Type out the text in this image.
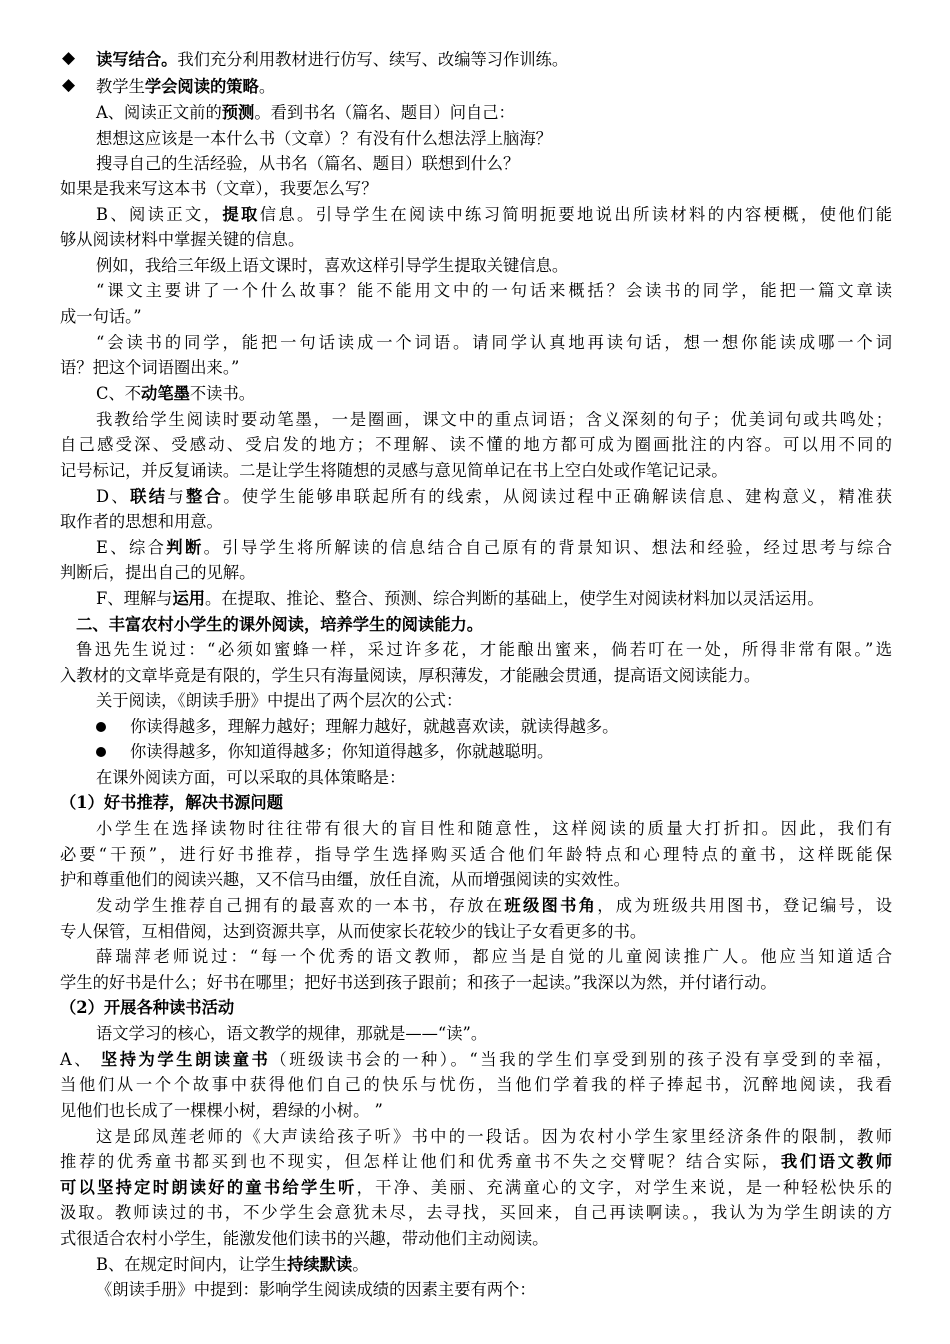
◆ 读写结合。我们充分利用教材进行仿写、续写、改编等习作训练。
◆ 教学生学会阅读的策略。
A、阅读正文前的预测。看到书名（篇名、题目）问自己：
想想这应该是一本什么书（文章）？有没有什么想法浮上脑海？
搜寻自己的生活经验，从书名（篇名、题目）联想到什么？
如果是我来写这本书（文章），我要怎么写？
B、阅读正文，提取信息。引导学生在阅读中练习简明扼要地说出所读材料的内容梗概，使他们能
够从阅读材料中掌握关键的信息。
例如，我给三年级上语文课时，喜欢这样引导学生提取关键信息。
“课文主要讲了一个什么故事？能不能用文中的一句话来概括？会读书的同学，能把一篇文章读
成一句话。”
“会读书的同学，能把一句话读成一个词语。请同学认真地再读句话，想一想你能读成哪一个词
语？把这个词语圈出来。”
C、不动笔墨不读书。
我教给学生阅读时要动笔墨，一是圈画，课文中的重点词语；含义深刻的句子；优美词句或共鸣处；
自己感受深、受感动、受启发的地方；不理解、读不懂的地方都可成为圈画批注的内容。可以用不同的
记号标记，并反复诵读。二是让学生将随想的灵感与意见简单记在书上空白处或作笔记记录。
D、联结与整合。使学生能够串联起所有的线索，从阅读过程中正确解读信息、建构意义，精准获
取作者的思想和用意。
E、综合判断。引导学生将所解读的信息结合自己原有的背景知识、想法和经验，经过思考与综合
判断后，提出自己的见解。
F、理解与运用。在提取、推论、整合、预测、综合判断的基础上，使学生对阅读材料加以灵活运用。
二、丰富农村小学生的课外阅读，培养学生的阅读能力。
鲁迅先生说过：“必须如蜜蜂一样，采过许多花，才能酿出蜜来，倘若叮在一处，所得非常有限。”选
入教材的文章毕竟是有限的，学生只有海量阅读，厚积薄发，才能融会贯通，提高语文阅读能力。
关于阅读，《朗读手册》中提出了两个层次的公式：
你读得越多，理解力越好；理解力越好，就越喜欢读，就读得越多。
你读得越多，你知道得越多；你知道得越多，你就越聪明。
在课外阅读方面，可以采取的具体策略是：
（1）好书推荐，解决书源问题
小学生在选择读物时往往带有很大的盲目性和随意性，这样阅读的质量大打折扣。因此，我们有
必要“干预”，进行好书推荐，指导学生选择购买适合他们年龄特点和心理特点的童书，这样既能保
护和尊重他们的阅读兴趣，又不信马由缰，放任自流，从而增强阅读的实效性。
发动学生推荐自己拥有的最喜欢的一本书，存放在班级图书角，成为班级共用图书，登记编号，设
专人保管，互相借阅，达到资源共享，从而使家长花较少的钱让子女看更多的书。
薛瑞萍老师说过：“每一个优秀的语文教师，都应当是自觉的儿童阅读推广人。他应当知道适合
学生的好书是什么；好书在哪里；把好书送到孩子跟前；和孩子一起读。”我深以为然，并付诸行动。
（2）开展各种读书活动
语文学习的核心，语文教学的规律，那就是——“读”。
A、 坚持为学生朗读童书（班级读书会的一种）。“当我的学生们享受到别的孩子没有享受到的幸福，
当他们从一个个故事中获得他们自己的快乐与忧伤，当他们学着我的样子捧起书，沉醉地阅读，我看
见他们也长成了一棵棵小树，碧绿的小树。 ”
这是邱凤莲老师的《大声读给孩子听》书中的一段话。因为农村小学生家里经济条件的限制，教师
推荐的优秀童书都买到也不现实，但怎样让他们和优秀童书不失之交臂呢？结合实际，我们语文教师
可以坚持定时朗读好的童书给学生听，干净、美丽、充满童心的文字，对学生来说，是一种轻松快乐的
汲取。教师读过的书，不少学生会意犹未尽，去寻找，买回来，自己再读啊读。，我认为为学生朗读的方
式很适合农村小学生，能激发他们读书的兴趣，带动他们主动阅读。
B、在规定时间内，让学生持续默读。
《朗读手册》中提到：影响学生阅读成绩的因素主要有两个：
